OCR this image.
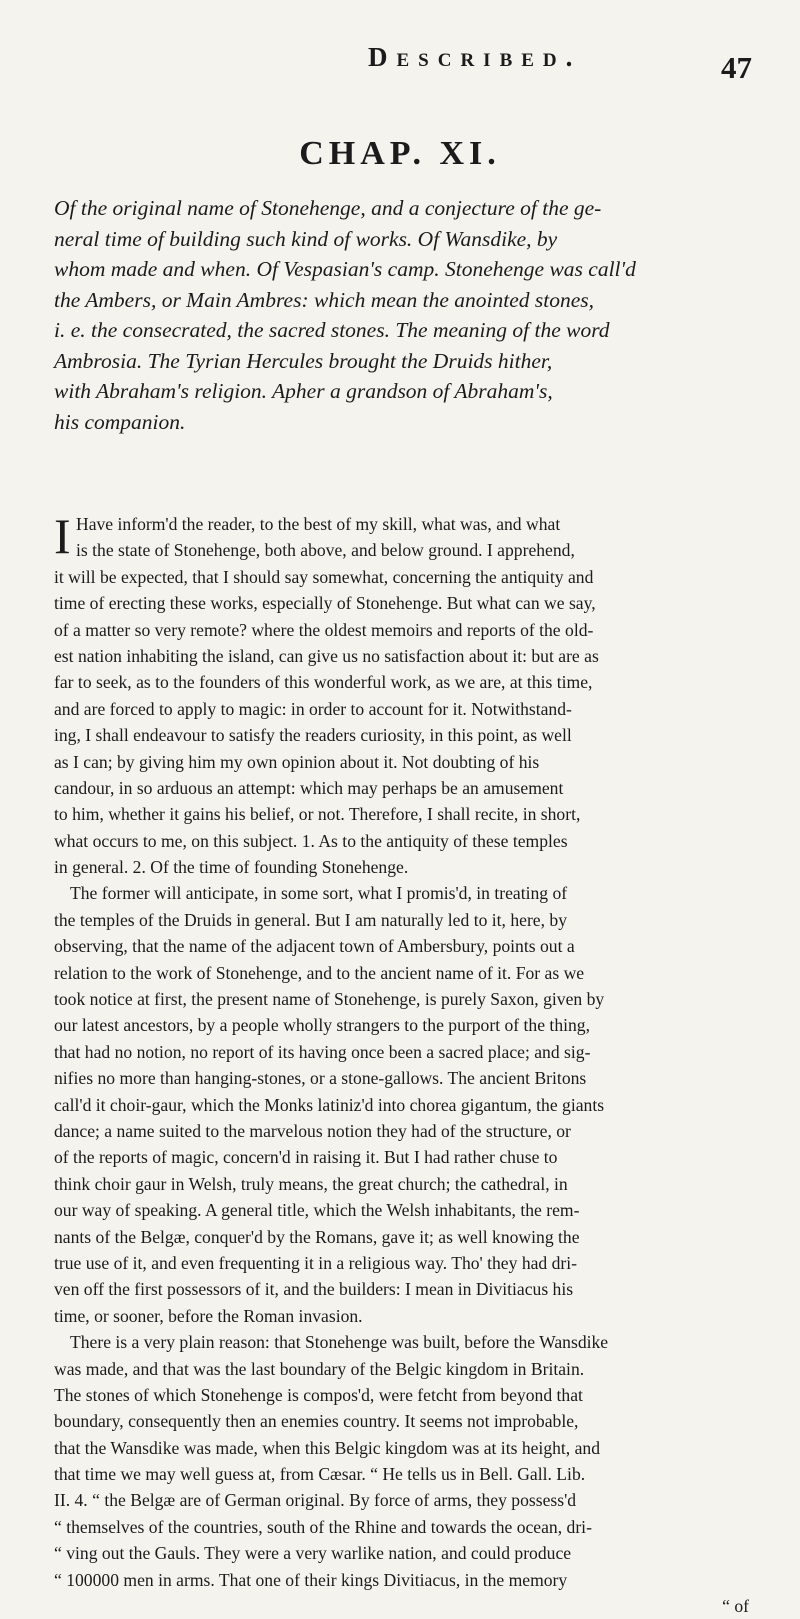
Described.	47
CHAP. XI.
Of the original name of Stonehenge, and a conjecture of the ge-
neral time of building such kind of works. Of Wansdike, by
whom made and when. Of Vespasian's camp. Stonehenge was call'd
the Ambers, or Main Ambres: which mean the anointed stones,
i. e. the consecrated, the sacred stones. The meaning of the word
Ambrosia. The Tyrian Hercules brought the Druids hither,
with Abraham's religion. Apher a grandson of Abraham's,
his companion.
I Have inform'd the reader, to the best of my skill, what was, and what
is the state of Stonehenge, both above, and below ground. I apprehend,
it will be expected, that I should say somewhat, concerning the antiquity and
time of erecting these works, especially of Stonehenge. But what can we say,
of a matter so very remote? where the oldest memoirs and reports of the old-
est nation inhabiting the island, can give us no satisfaction about it: but are as
far to seek, as to the founders of this wonderful work, as we are, at this time,
and are forced to apply to magic: in order to account for it. Notwithstand-
ing, I shall endeavour to satisfy the readers curiosity, in this point, as well
as I can; by giving him my own opinion about it. Not doubting of his
candour, in so arduous an attempt: which may perhaps be an amusement
to him, whether it gains his belief, or not. Therefore, I shall recite, in short,
what occurs to me, on this subject. 1. As to the antiquity of these temples
in general. 2. Of the time of founding Stonehenge.
The former will anticipate, in some sort, what I promis'd, in treating of
the temples of the Druids in general. But I am naturally led to it, here, by
observing, that the name of the adjacent town of Ambersbury, points out a
relation to the work of Stonehenge, and to the ancient name of it. For as we
took notice at first, the present name of Stonehenge, is purely Saxon, given by
our latest ancestors, by a people wholly strangers to the purport of the thing,
that had no notion, no report of its having once been a sacred place; and sig-
nifies no more than hanging-stones, or a stone-gallows. The ancient Britons
call'd it choir-gaur, which the Monks latiniz'd into chorea gigantum, the giants
dance; a name suited to the marvelous notion they had of the structure, or
of the reports of magic, concern'd in raising it. But I had rather chuse to
think choir gaur in Welsh, truly means, the great church; the cathedral, in
our way of speaking. A general title, which the Welsh inhabitants, the rem-
nants of the Belgæ, conquer'd by the Romans, gave it; as well knowing the
true use of it, and even frequenting it in a religious way. Tho' they had dri-
ven off the first possessors of it, and the builders: I mean in Divitiacus his
time, or sooner, before the Roman invasion.
There is a very plain reason: that Stonehenge was built, before the Wansdike
was made, and that was the last boundary of the Belgic kingdom in Britain.
The stones of which Stonehenge is compos'd, were fetcht from beyond that
boundary, consequently then an enemies country. It seems not improbable,
that the Wansdike was made, when this Belgic kingdom was at its height, and
that time we may well guess at, from Cæsar. “ He tells us in Bell. Gall. Lib.
II. 4. “ the Belgæ are of German original. By force of arms, they possess'd
“ themselves of the countries, south of the Rhine and towards the ocean, dri-
“ ving out the Gauls. They were a very warlike nation, and could produce
“ 100000 men in arms. That one of their kings Divitiacus, in the memory
“ of
